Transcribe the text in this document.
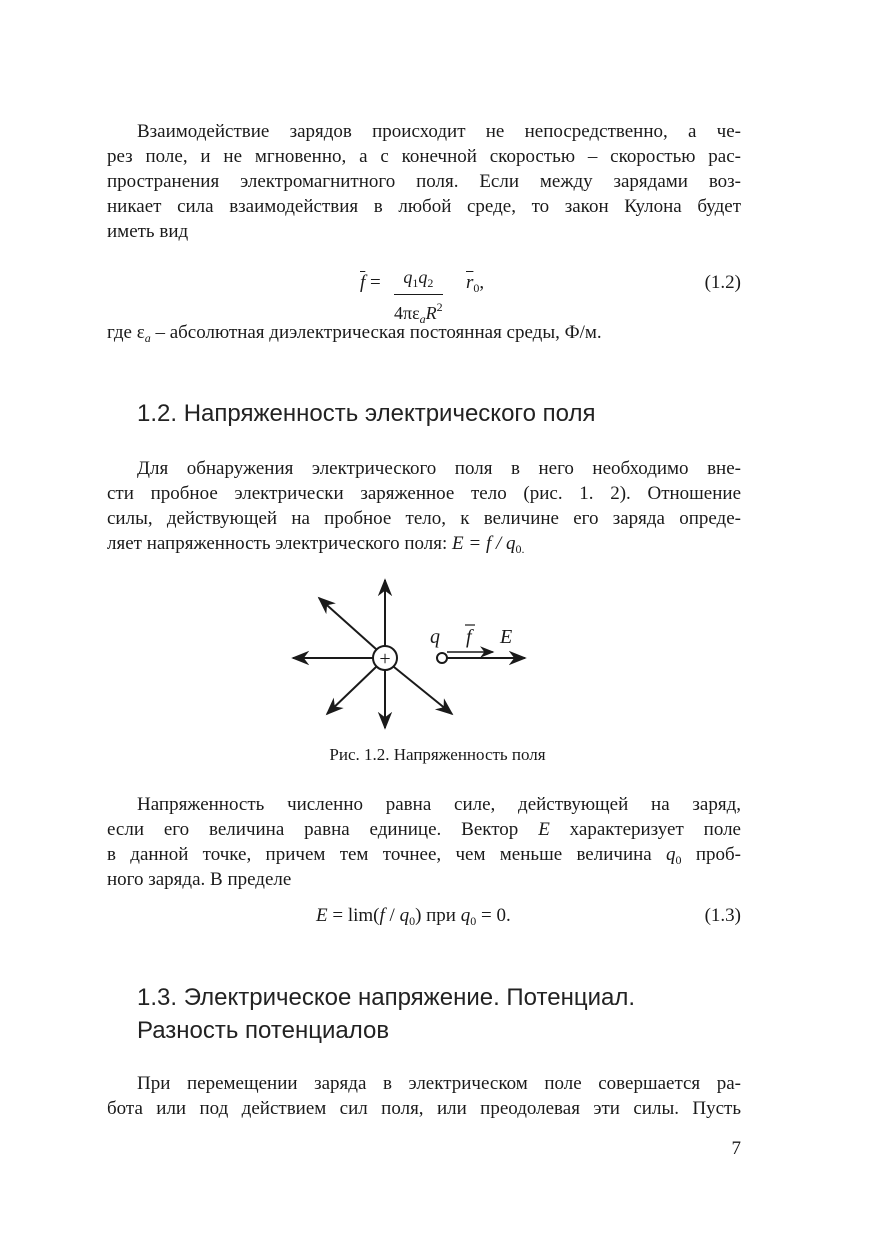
Взаимодействие зарядов происходит не непосредственно, а че-
рез поле, и не мгновенно, а с конечной скоростью – скоростью рас-
пространения электромагнитного поля. Если между зарядами воз-
никает сила взаимодействия в любой среде, то закон Кулона будет
иметь вид
$\overline{f}$ =	$q_1q_2$
$4\pi\varepsilon_aR^2$
$\overline{r}_0$,	(1.2)
где $\varepsilon_a$ – абсолютная диэлектрическая постоянная среды, Ф/м.
1.2. Напряженность электрического поля
Для обнаружения электрического поля в него необходимо вне-
сти пробное электрически заряженное тело (рис. 1. 2). Отношение
силы, действующей на пробное тело, к величине его заряда опреде-
ляет напряженность электрического поля: $E = f / q_{0.}$
+
q f E
Рис. 1.2. Напряженность поля
Напряженность численно равна силе, действующей на заряд,
если его величина равна единице. Вектор E характеризует поле
в данной точке, причем тем точнее, чем меньше величина $q_0$ проб-
ного заряда. В пределе
$E = \lim(f / q_0)$ при $q_0 = 0$.	(1.3)
1.3. Электрическое напряжение. Потенциал.
Разность потенциалов
При перемещении заряда в электрическом поле совершается ра-
бота или под действием сил поля, или преодолевая эти силы. Пусть
7
